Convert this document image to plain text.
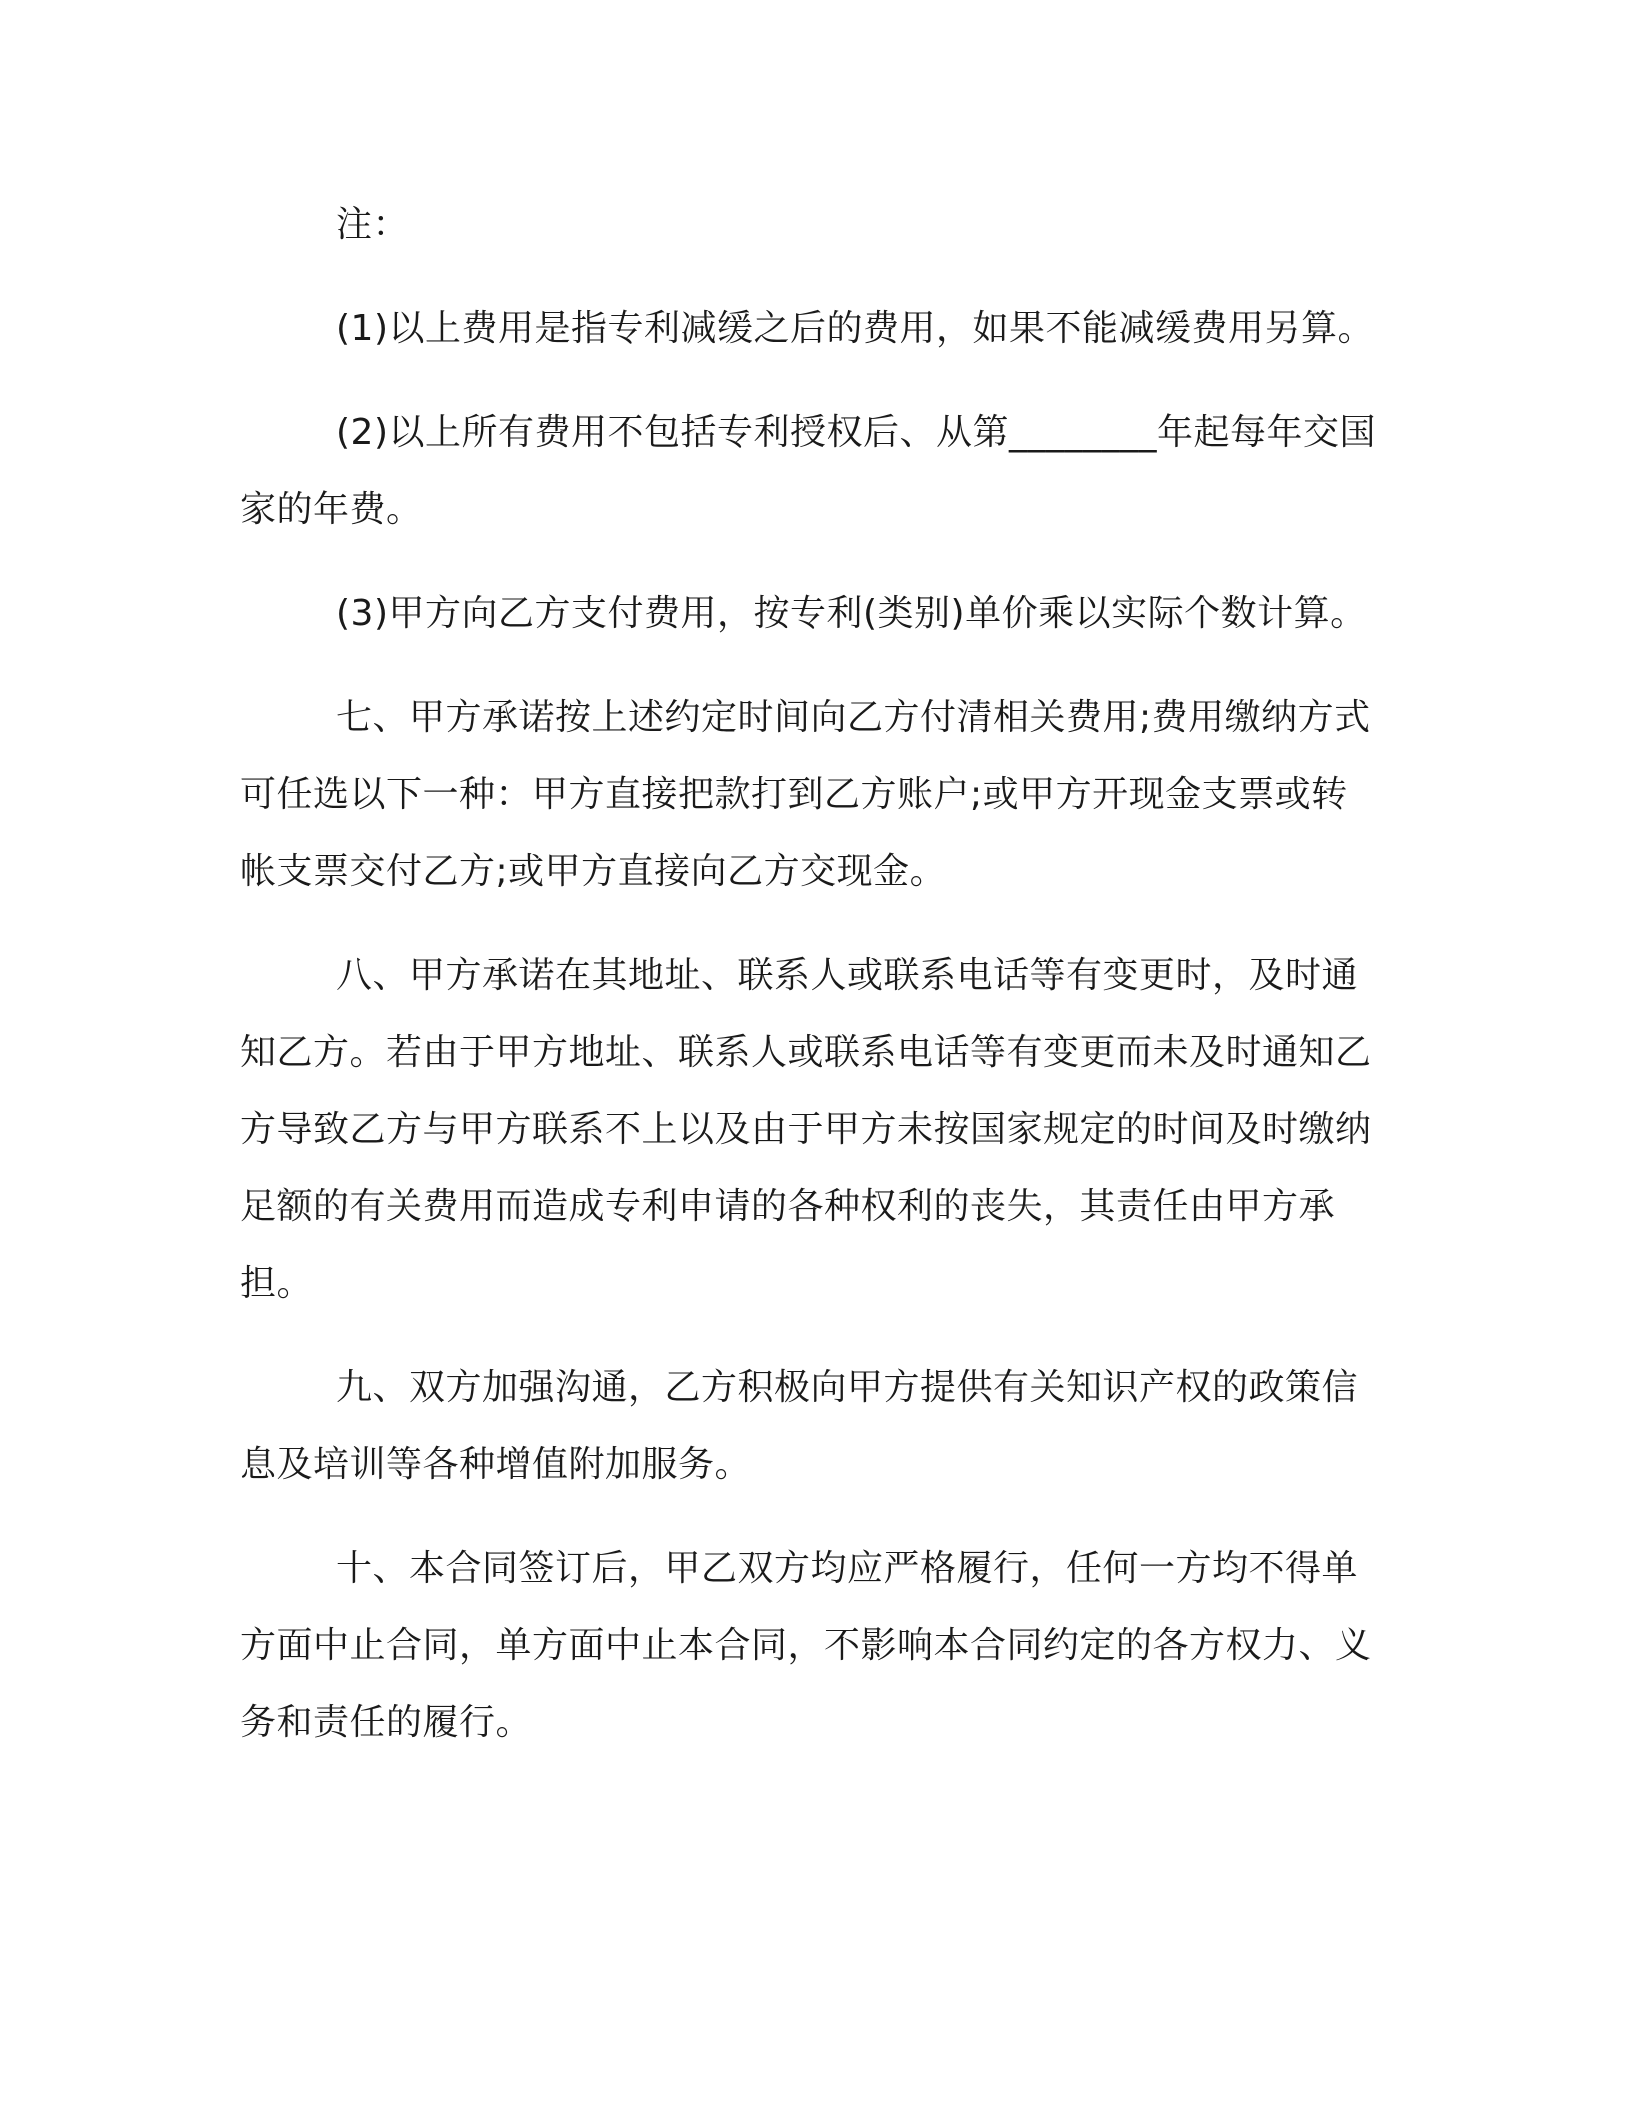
注：

(1)以上费用是指专利减缓之后的费用，如果不能减缓费用另算。

(2)以上所有费用不包括专利授权后、从第________年起每年交国家的年费。

(3)甲方向乙方支付费用，按专利(类别)单价乘以实际个数计算。

七、甲方承诺按上述约定时间向乙方付清相关费用;费用缴纳方式可任选以下一种：甲方直接把款打到乙方账户;或甲方开现金支票或转帐支票交付乙方;或甲方直接向乙方交现金。

八、甲方承诺在其地址、联系人或联系电话等有变更时，及时通知乙方。若由于甲方地址、联系人或联系电话等有变更而未及时通知乙方导致乙方与甲方联系不上以及由于甲方未按国家规定的时间及时缴纳足额的有关费用而造成专利申请的各种权利的丧失，其责任由甲方承担。

九、双方加强沟通，乙方积极向甲方提供有关知识产权的政策信息及培训等各种增值附加服务。

十、本合同签订后，甲乙双方均应严格履行，任何一方均不得单方面中止合同，单方面中止本合同，不影响本合同约定的各方权力、义务和责任的履行。
